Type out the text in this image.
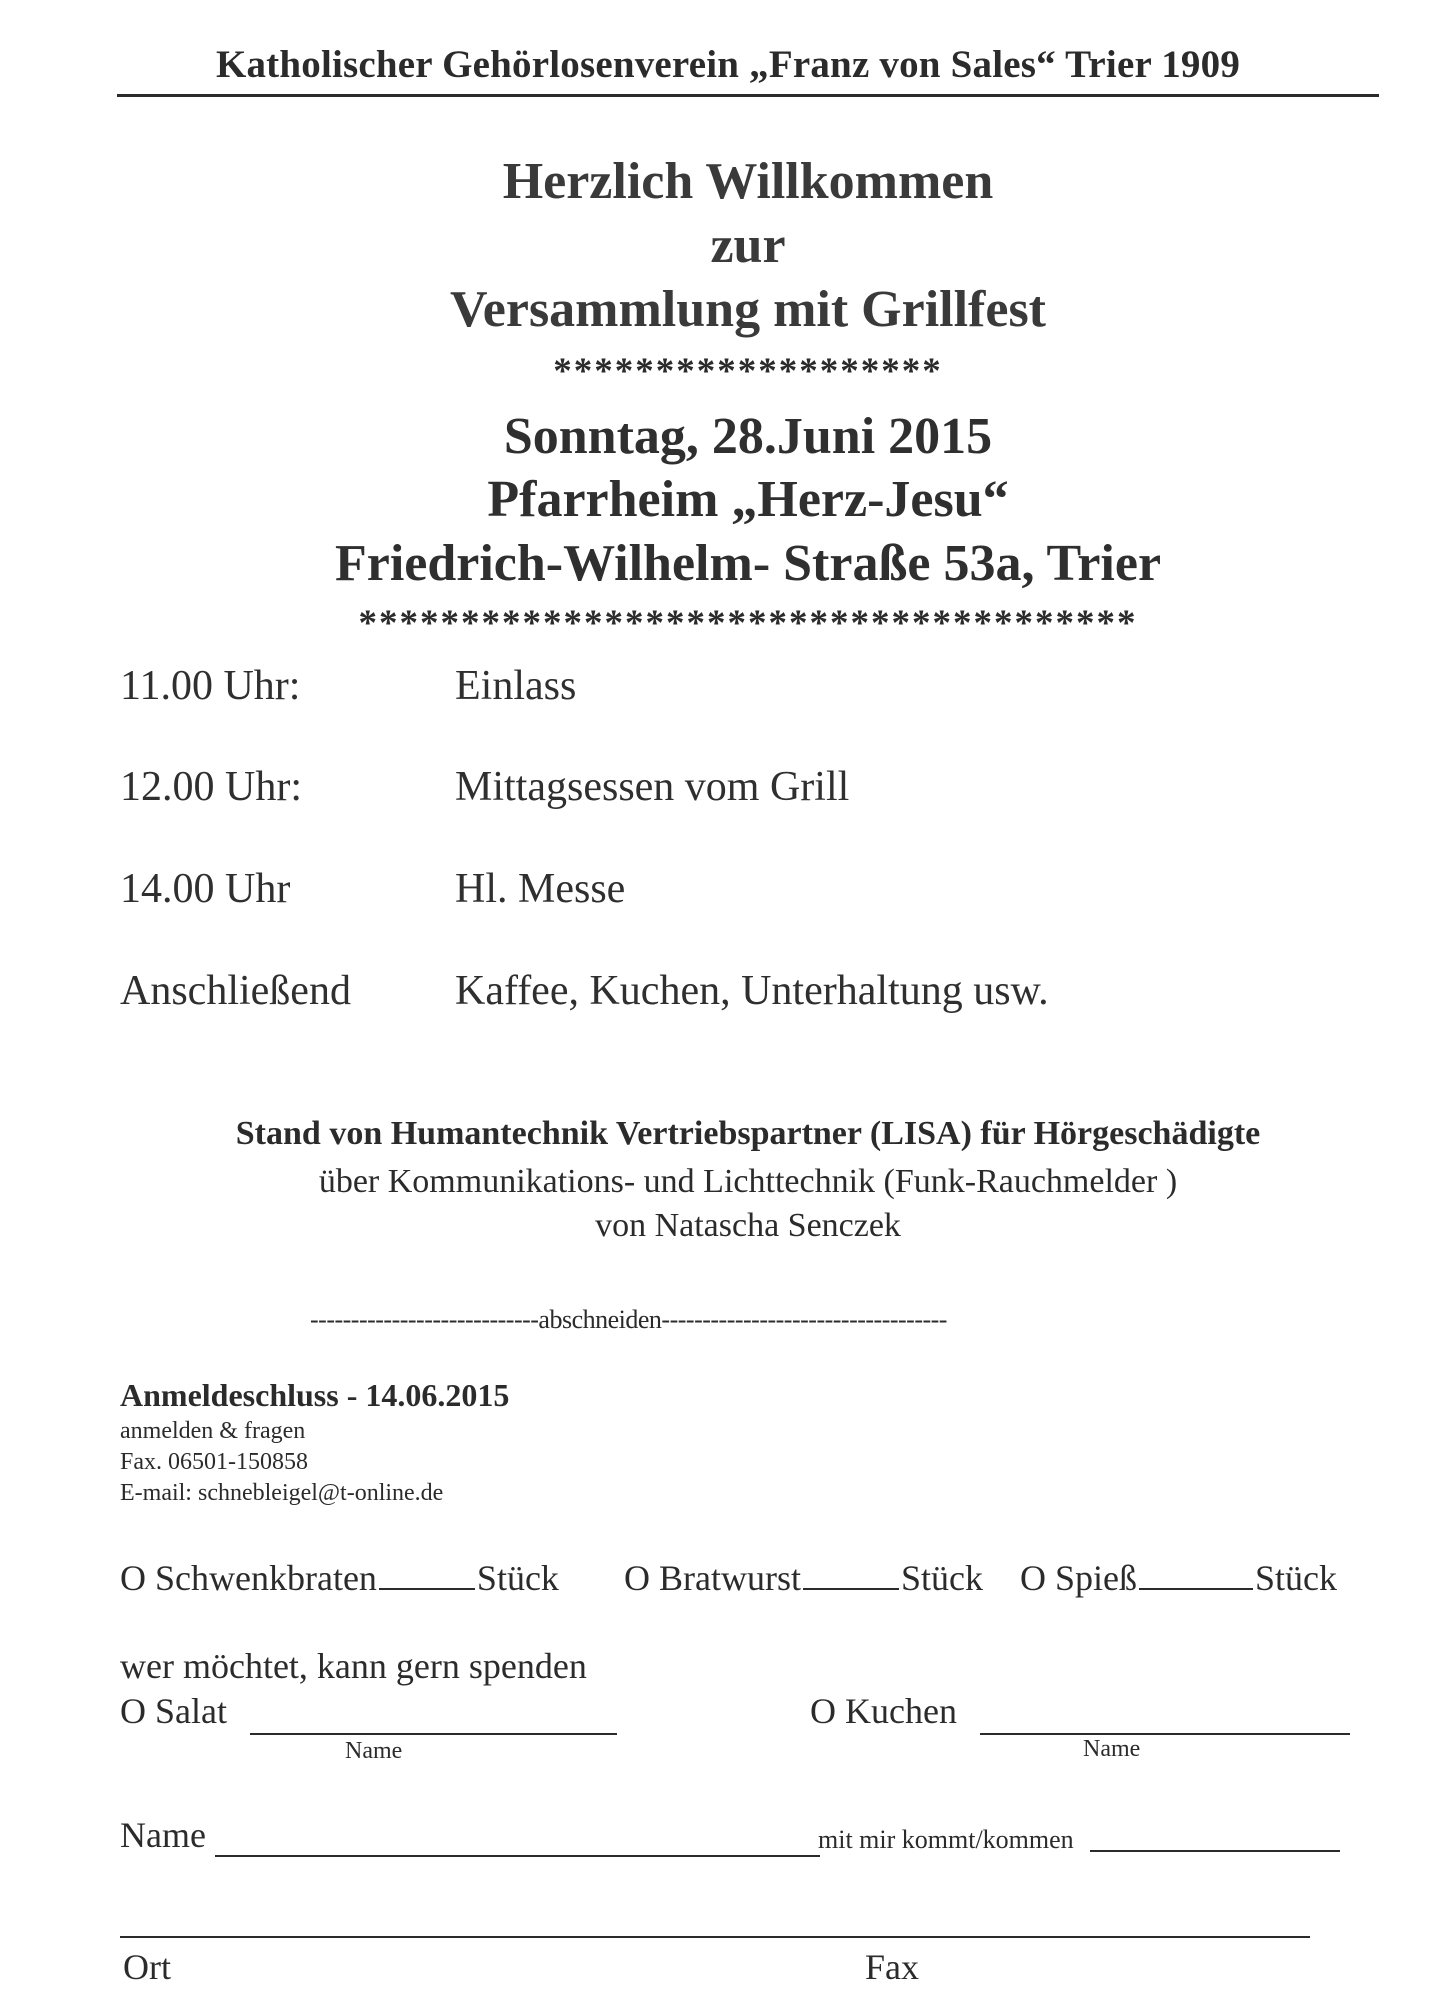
Katholischer Gehörlosenverein „Franz von Sales“ Trier 1909
Herzlich Willkommen
zur
Versammlung mit Grillfest
*******************
Sonntag, 28.Juni 2015
Pfarrheim „Herz-Jesu“
Friedrich-Wilhelm- Straße 53a, Trier
**************************************
11.00 Uhr:	Einlass
12.00 Uhr:	Mittagsessen vom Grill
14.00 Uhr	Hl. Messe
Anschließend Kaffee, Kuchen, Unterhaltung usw.
Stand von Humantechnik Vertriebspartner (LISA) für Hörgeschädigte
über Kommunikations- und Lichttechnik (Funk-Rauchmelder )
von Natascha Senczek
----------------------------abschneiden-----------------------------------
Anmeldeschluss - 14.06.2015
anmelden & fragen
Fax. 06501-150858
E-mail: schnebleigel@t-online.de
O Schwenkbraten	Stück O Bratwurst	Stück O Spieß	Stück
wer möchtet, kann gern spenden
O Salat
Name
O Kuchen
Name
Name	mit mir kommt/kommen
Ort	Fax
